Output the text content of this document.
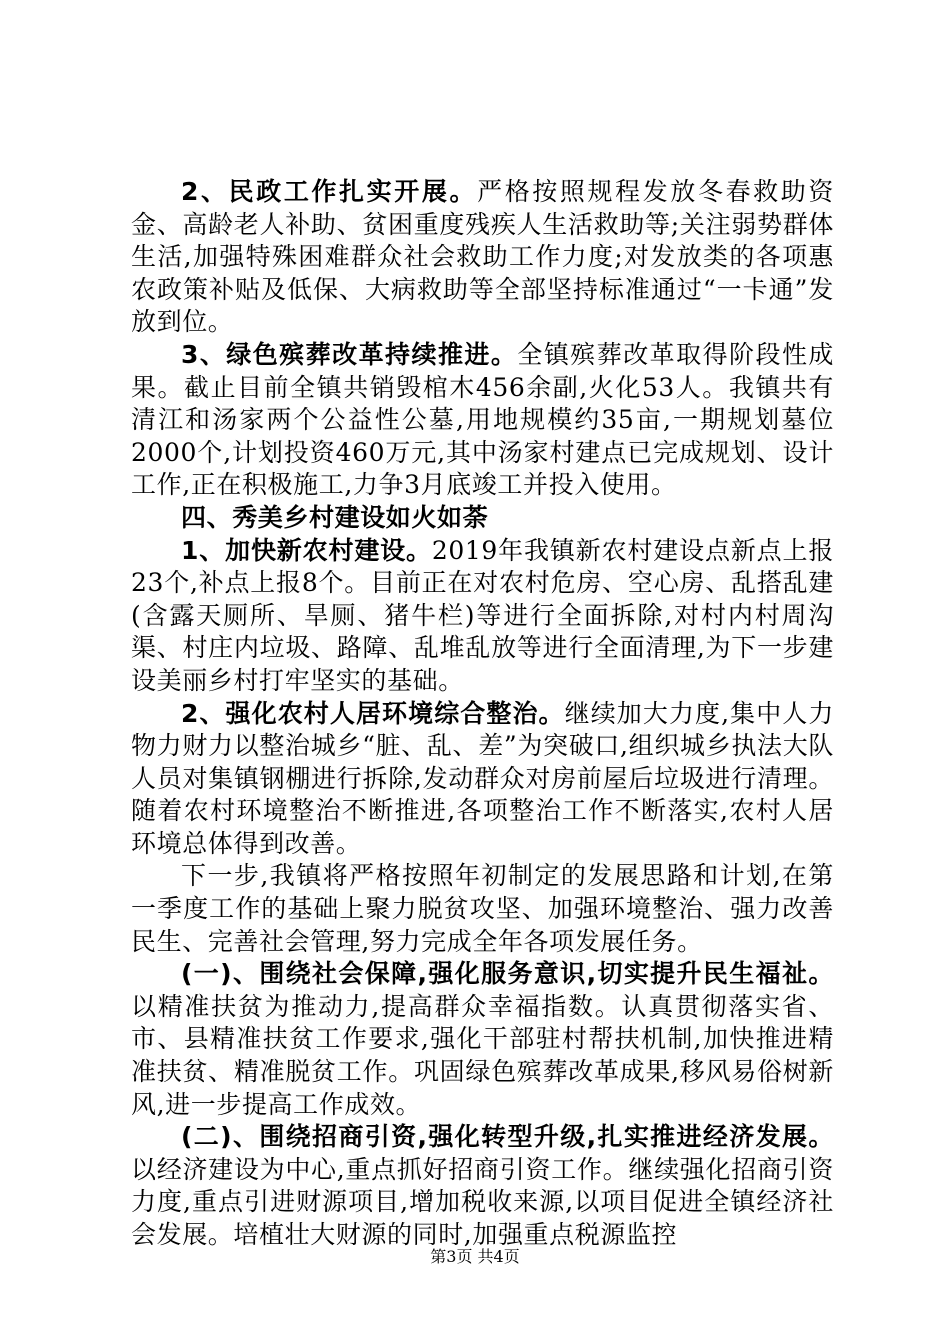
2、民政工作扎实开展。严格按照规程发放冬春救助资金、高龄老人补助、贫困重度残疾人生活救助等;关注弱势群体生活,加强特殊困难群众社会救助工作力度;对发放类的各项惠农政策补贴及低保、大病救助等全部坚持标准通过“一卡通”发放到位。

3、绿色殡葬改革持续推进。全镇殡葬改革取得阶段性成果。截止目前全镇共销毁棺木456余副,火化53人。我镇共有清江和汤家两个公益性公墓,用地规模约35亩,一期规划墓位2000个,计划投资460万元,其中汤家村建点已完成规划、设计工作,正在积极施工,力争3月底竣工并投入使用。

四、秀美乡村建设如火如荼

1、加快新农村建设。2019年我镇新农村建设点新点上报23个,补点上报8个。目前正在对农村危房、空心房、乱搭乱建(含露天厕所、旱厕、猪牛栏)等进行全面拆除,对村内村周沟渠、村庄内垃圾、路障、乱堆乱放等进行全面清理,为下一步建设美丽乡村打牢坚实的基础。

2、强化农村人居环境综合整治。继续加大力度,集中人力物力财力以整治城乡“脏、乱、差”为突破口,组织城乡执法大队人员对集镇钢棚进行拆除,发动群众对房前屋后垃圾进行清理。随着农村环境整治不断推进,各项整治工作不断落实,农村人居环境总体得到改善。

下一步,我镇将严格按照年初制定的发展思路和计划,在第一季度工作的基础上聚力脱贫攻坚、加强环境整治、强力改善民生、完善社会管理,努力完成全年各项发展任务。

(一)、围绕社会保障,强化服务意识,切实提升民生福祉。以精准扶贫为推动力,提高群众幸福指数。认真贯彻落实省、市、县精准扶贫工作要求,强化干部驻村帮扶机制,加快推进精准扶贫、精准脱贫工作。巩固绿色殡葬改革成果,移风易俗树新风,进一步提高工作成效。

(二)、围绕招商引资,强化转型升级,扎实推进经济发展。以经济建设为中心,重点抓好招商引资工作。继续强化招商引资力度,重点引进财源项目,增加税收来源,以项目促进全镇经济社会发展。培植壮大财源的同时,加强重点税源监控

第3页 共4页
